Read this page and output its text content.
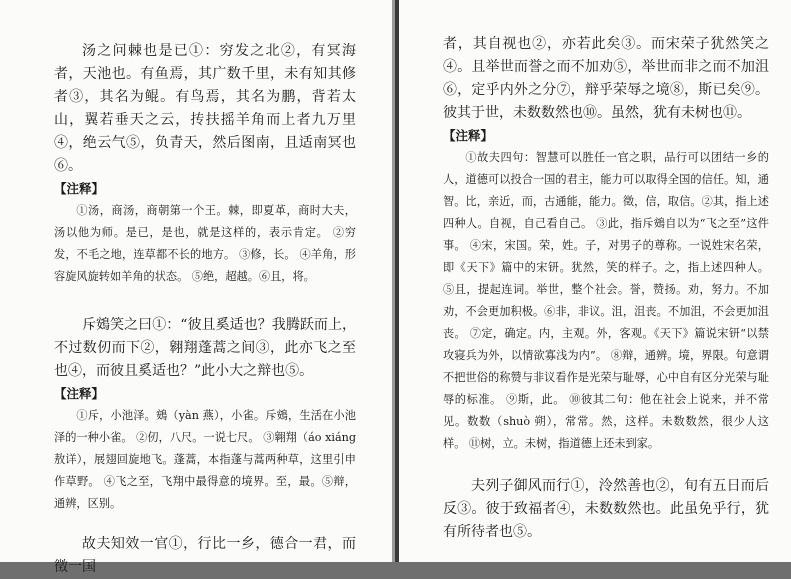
汤之问棘也是已①：穷发之北②，有冥海者，天池也。有鱼焉，其广数千里，未有知其修者③，其名为鲲。有鸟焉，其名为鹏，背若太山，翼若垂天之云，抟扶摇羊角而上者九万里④，绝云气⑤，负青天，然后图南，且适南冥也⑥。

【注释】

①汤，商汤，商朝第一个王。棘，即夏革，商时大夫，汤以他为师。是已，是也，就是这样的，表示肯定。 ②穷发，不毛之地，连草都不长的地方。 ③修，长。 ④羊角，形容旋风旋转如羊角的状态。 ⑤绝，超越。⑥且，将。

斥鴳笑之曰①：“彼且奚适也？我腾跃而上，不过数仞而下②，翱翔蓬蒿之间③，此亦飞之至也④，而彼且奚适也？”此小大之辩也⑤。

【注释】

①斥，小池泽。鴳（yàn 燕），小雀。斥鴳，生活在小池泽的一种小雀。 ②仞，八尺。一说七尺。 ③翱翔（áo xiáng 敖详），展翅回旋地飞。蓬蒿，本指蓬与蒿两种草，这里引申作草野。 ④飞之至，飞翔中最得意的境界。至，最。⑤辩，通辨，区别。

故夫知效一官①，行比一乡，德合一君，而徵一国

者，其自视也②，亦若此矣③。而宋荣子犹然笑之④。且举世而誉之而不加劝⑤，举世而非之而不加沮⑥，定乎内外之分⑦，辩乎荣辱之境⑧，斯已矣⑨。彼其于世，未数数然也⑩。虽然，犹有未树也⑪。

【注释】

①故夫四句：智慧可以胜任一官之职，品行可以团结一乡的人，道德可以投合一国的君主，能力可以取得全国的信任。知，通智。比，亲近，而，古通能，能力。徵，信，取信。②其，指上述四种人。自视，自己看自己。 ③此，指斥鴳自以为“飞之至”这件事。 ④宋，宋国。荣，姓。子，对男子的尊称。一说姓宋名荣，即《天下》篇中的宋钘。犹然，笑的样子。之，指上述四种人。 ⑤且，提起连词。举世，整个社会。誉，赞扬。劝，努力。不加劝，不会更加积极。⑥非，非议。沮，沮丧。不加沮，不会更加沮丧。 ⑦定，确定。内，主观。外，客观。《天下》篇说宋钘“以禁攻寝兵为外，以情欲寡浅为内”。 ⑧辩，通辨。境，界限。句意谓不把世俗的称赞与非议看作是光荣与耻辱，心中自有区分光荣与耻辱的标准。 ⑨斯，此。 ⑩彼其二句：他在社会上说来，并不常见。数数（shuò 朔），常常。然，这样。未数数然，很少人这样。 ⑪树，立。未树，指道德上还未到家。

夫列子御风而行①，泠然善也②，旬有五日而后反③。彼于致福者④，未数数然也。此虽免乎行，犹有所待者也⑤。
